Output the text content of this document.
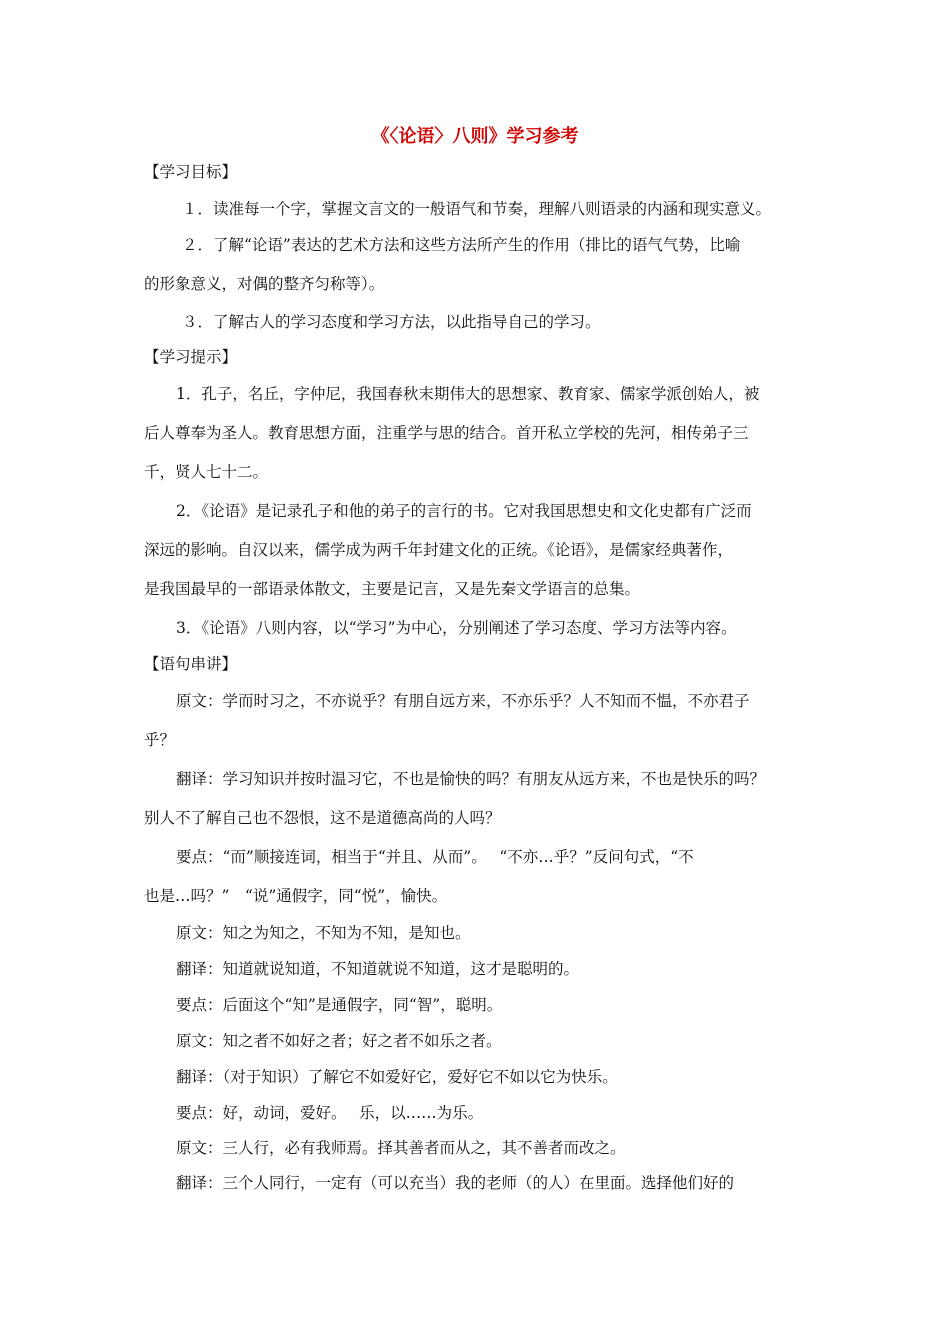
《〈论语〉八则》学习参考

【学习目标】

１．读准每一个字，掌握文言文的一般语气和节奏，理解八则语录的内涵和现实意义。

２．了解“论语”表达的艺术方法和这些方法所产生的作用（排比的语气气势，比喻

的形象意义，对偶的整齐匀称等）。

３．了解古人的学习态度和学习方法，以此指导自己的学习。

【学习提示】

1．孔子，名丘，字仲尼，我国春秋末期伟大的思想家、教育家、儒家学派创始人，被

后人尊奉为圣人。教育思想方面，注重学与思的结合。首开私立学校的先河，相传弟子三

千，贤人七十二。

2．《论语》是记录孔子和他的弟子的言行的书。它对我国思想史和文化史都有广泛而

深远的影响。自汉以来，儒学成为两千年封建文化的正统。《论语》，是儒家经典著作，

是我国最早的一部语录体散文，主要是记言，又是先秦文学语言的总集。

3．《论语》八则内容，以“学习”为中心，分别阐述了学习态度、学习方法等内容。

【语句串讲】

原文：学而时习之，不亦说乎？有朋自远方来，不亦乐乎？人不知而不愠，不亦君子

乎？

翻译：学习知识并按时温习它，不也是愉快的吗？有朋友从远方来，不也是快乐的吗？

别人不了解自己也不怨恨，这不是道德高尚的人吗？

要点：“而”顺接连词，相当于“并且、从而”。　 “不亦…乎？”反问句式，“不

也是…吗？”　“说”通假字，同“悦”，愉快。

原文：知之为知之，不知为不知，是知也。

翻译：知道就说知道，不知道就说不知道，这才是聪明的。

要点：后面这个“知”是通假字，同“智”，聪明。

原文：知之者不如好之者；好之者不如乐之者。

翻译：（对于知识）了解它不如爱好它，爱好它不如以它为快乐。

要点：好，动词，爱好。　 乐，以……为乐。

原文：三人行，必有我师焉。择其善者而从之，其不善者而改之。

翻译：三个人同行，一定有（可以充当）我的老师（的人）在里面。选择他们好的
